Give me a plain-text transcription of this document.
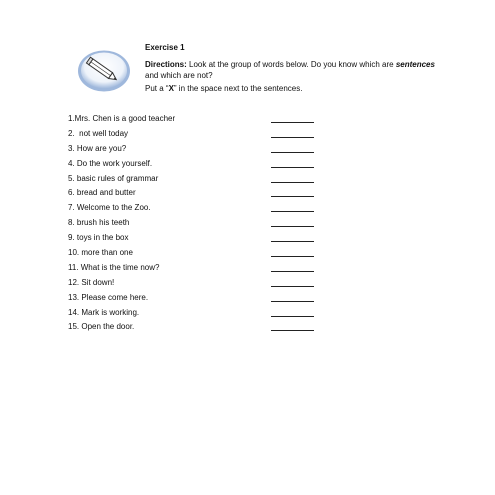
Exercise 1
Directions: Look at the group of words below. Do you know which are sentences and which are not?
Put a “X” in the space next to the sentences.
1.Mrs. Chen is a good teacher
2.  not well today
3. How are you?
4. Do the work yourself.
5. basic rules of grammar
6. bread and butter
7. Welcome to the Zoo.
8. brush his teeth
9. toys in the box
10. more than one
11. What is the time now?
12. Sit down!
13. Please come here.
14. Mark is working.
15. Open the door.
